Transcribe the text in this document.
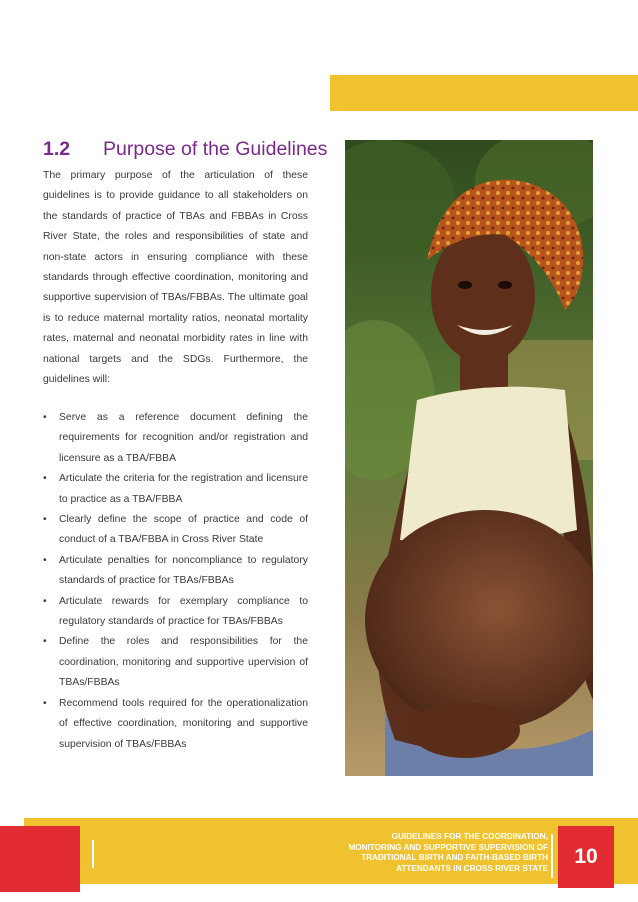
1.2 Purpose of the Guidelines
The primary purpose of the articulation of these guidelines is to provide guidance to all stakeholders on the standards of practice of TBAs and FBBAs in Cross River State, the roles and responsibilities of state and non-state actors in ensuring compliance with these standards through effective coordination, monitoring and supportive supervision of TBAs/FBBAs. The ultimate goal is to reduce maternal mortality ratios, neonatal mortality rates, maternal and neonatal morbidity rates in line with national targets and the SDGs. Furthermore, the guidelines will:
• Serve as a reference document defining the requirements for recognition and/or registration and licensure as a TBA/FBBA
• Articulate the criteria for the registration and licensure to practice as a TBA/FBBA
• Clearly define the scope of practice and code of conduct of a TBA/FBBA in Cross River State
• Articulate penalties for noncompliance to regulatory standards of practice for TBAs/FBBAs
• Articulate rewards for exemplary compliance to regulatory standards of practice for TBAs/FBBAs
• Define the roles and responsibilities for the coordination, monitoring and supportive upervision of TBAs/FBBAs
• Recommend tools required for the operationalization of effective coordination, monitoring and supportive supervision of TBAs/FBBAs
GUIDELINES FOR THE COORDINATION,
MONITORING AND SUPPORTIVE SUPERVISION OF
TRADITIONAL BIRTH AND FAITH-BASED BIRTH
ATTENDANTS IN CROSS RIVER STATE
10
